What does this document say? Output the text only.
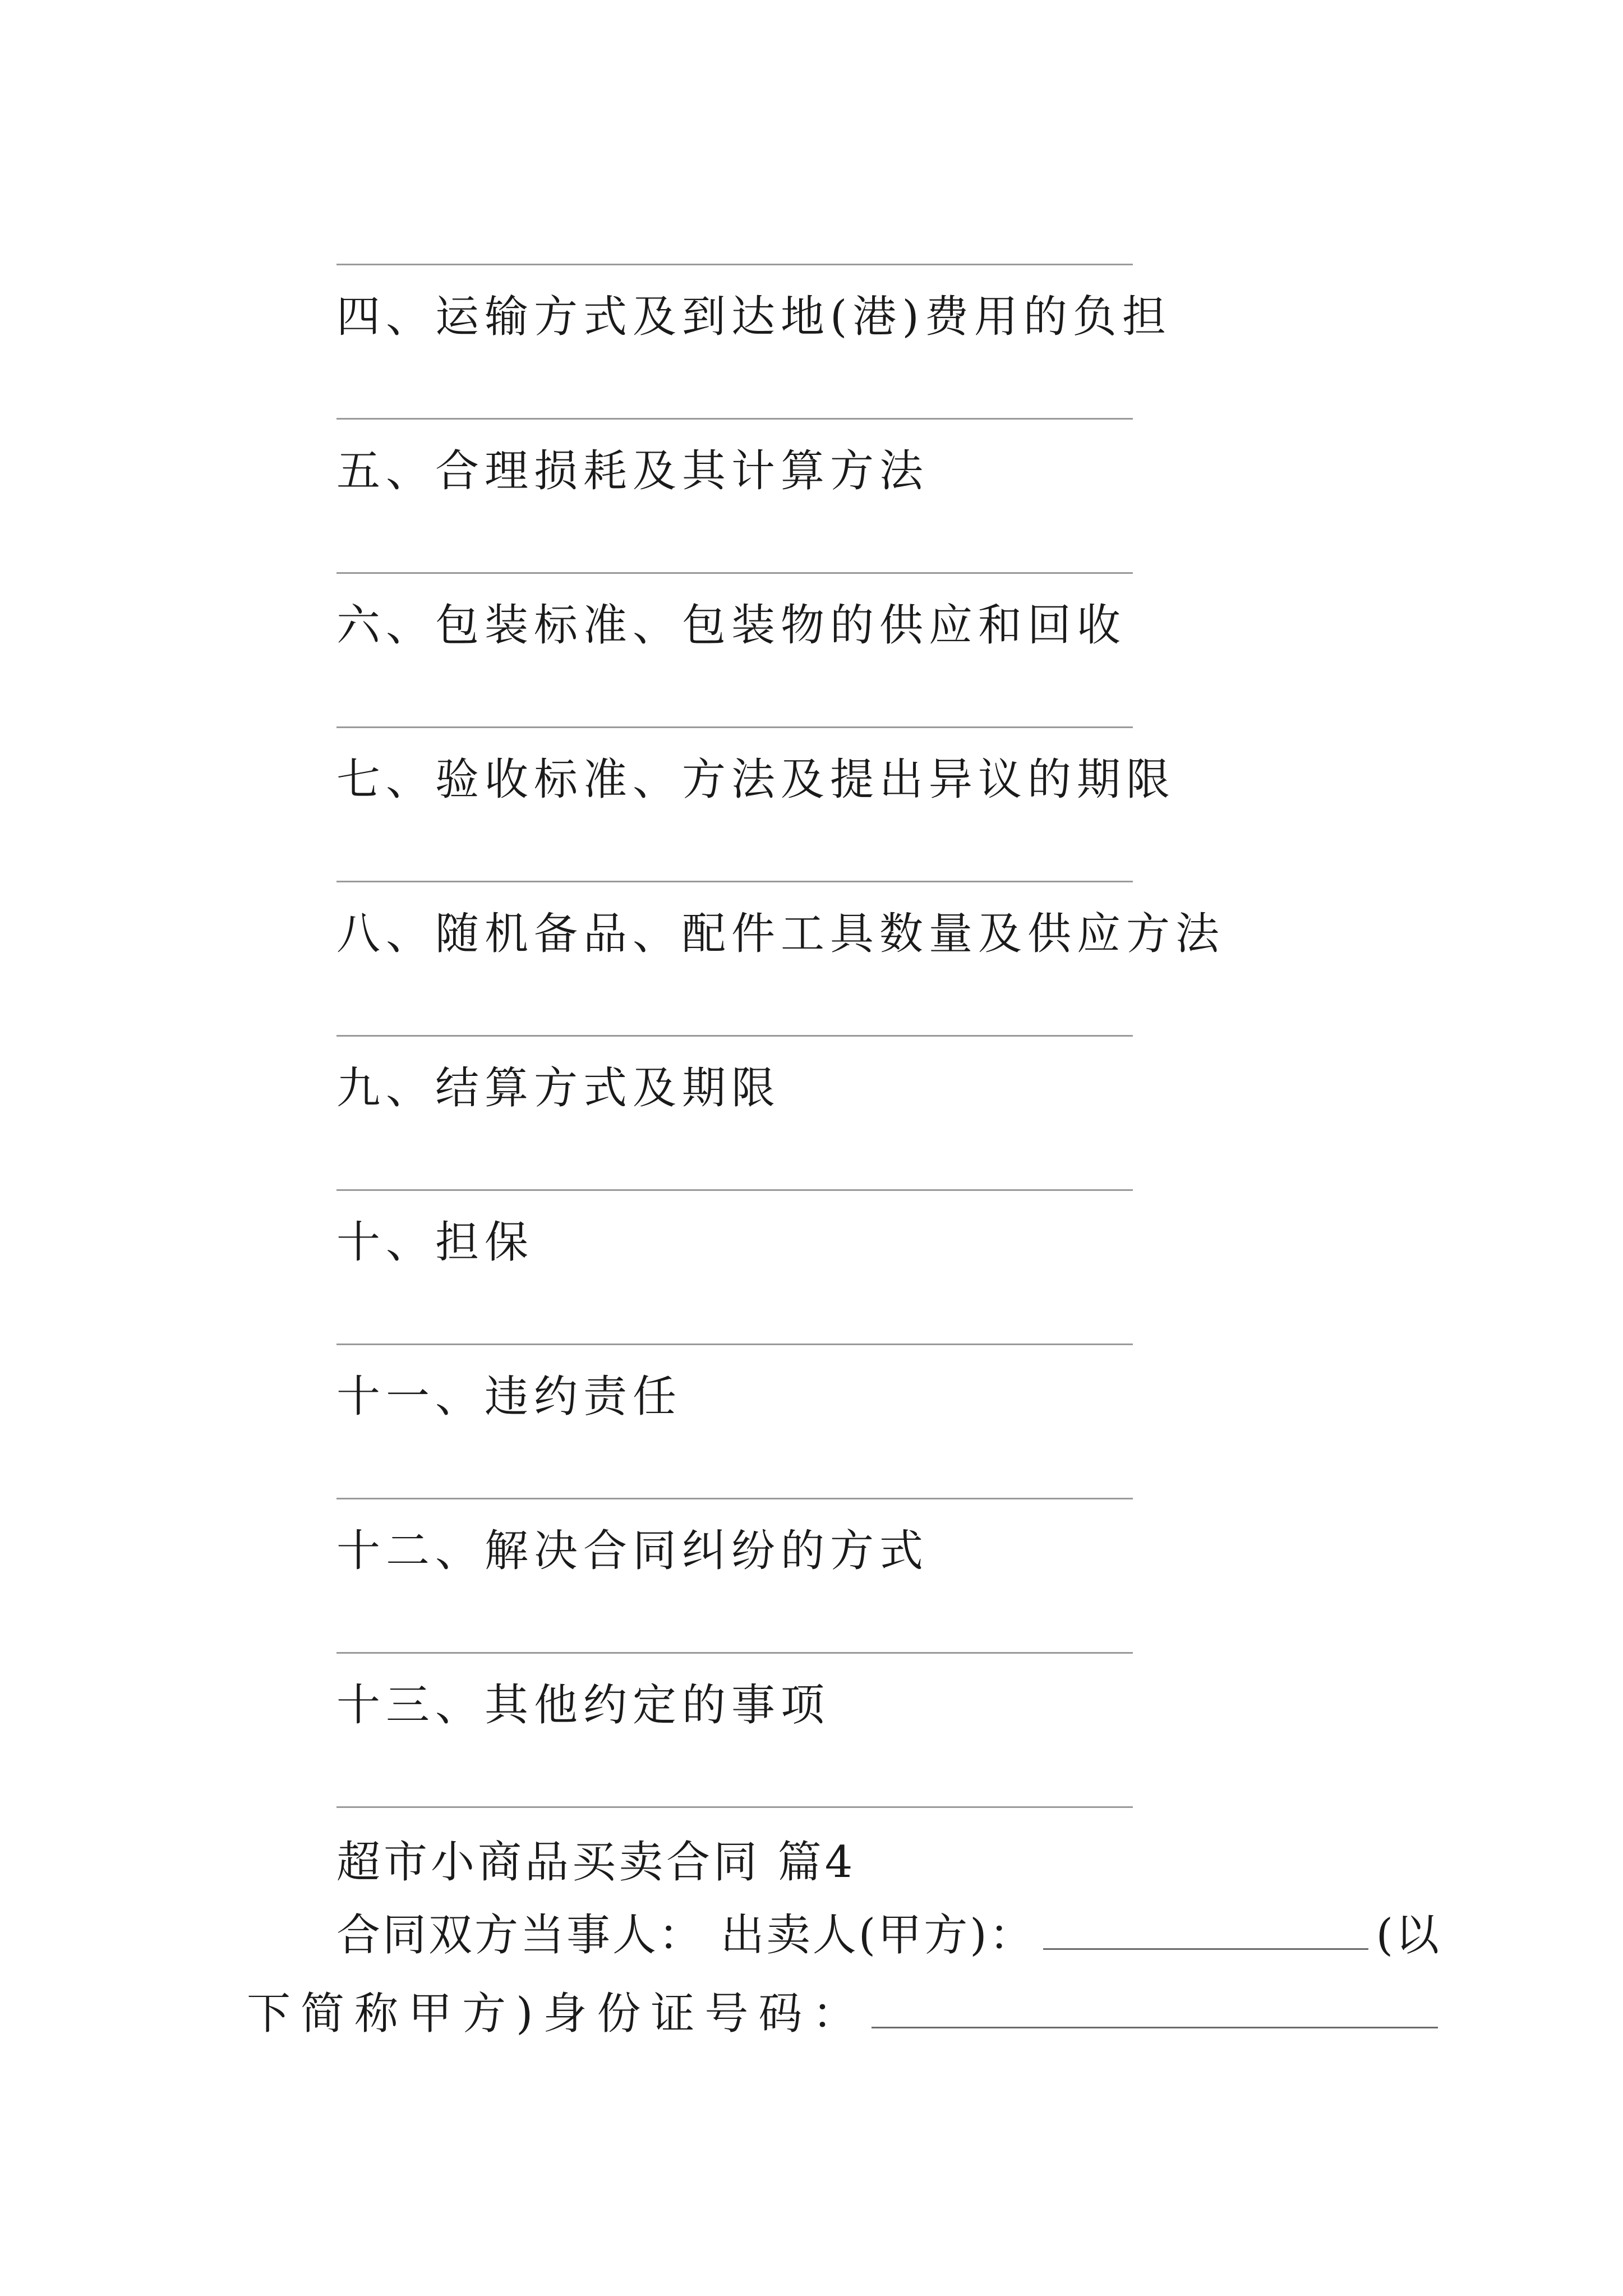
四、运输方式及到达地(港)费用的负担
五、合理损耗及其计算方法
六、包装标准、包装物的供应和回收
七、验收标准、方法及提出异议的期限
八、随机备品、配件工具数量及供应方法
九、结算方式及期限
十、担保
十一、违约责任
十二、解决合同纠纷的方式
十三、其他约定的事项
超市小商品买卖合同 篇4
合同双方当事人： 出卖人(甲方)：	(以
下简称甲方)身份证号码：
